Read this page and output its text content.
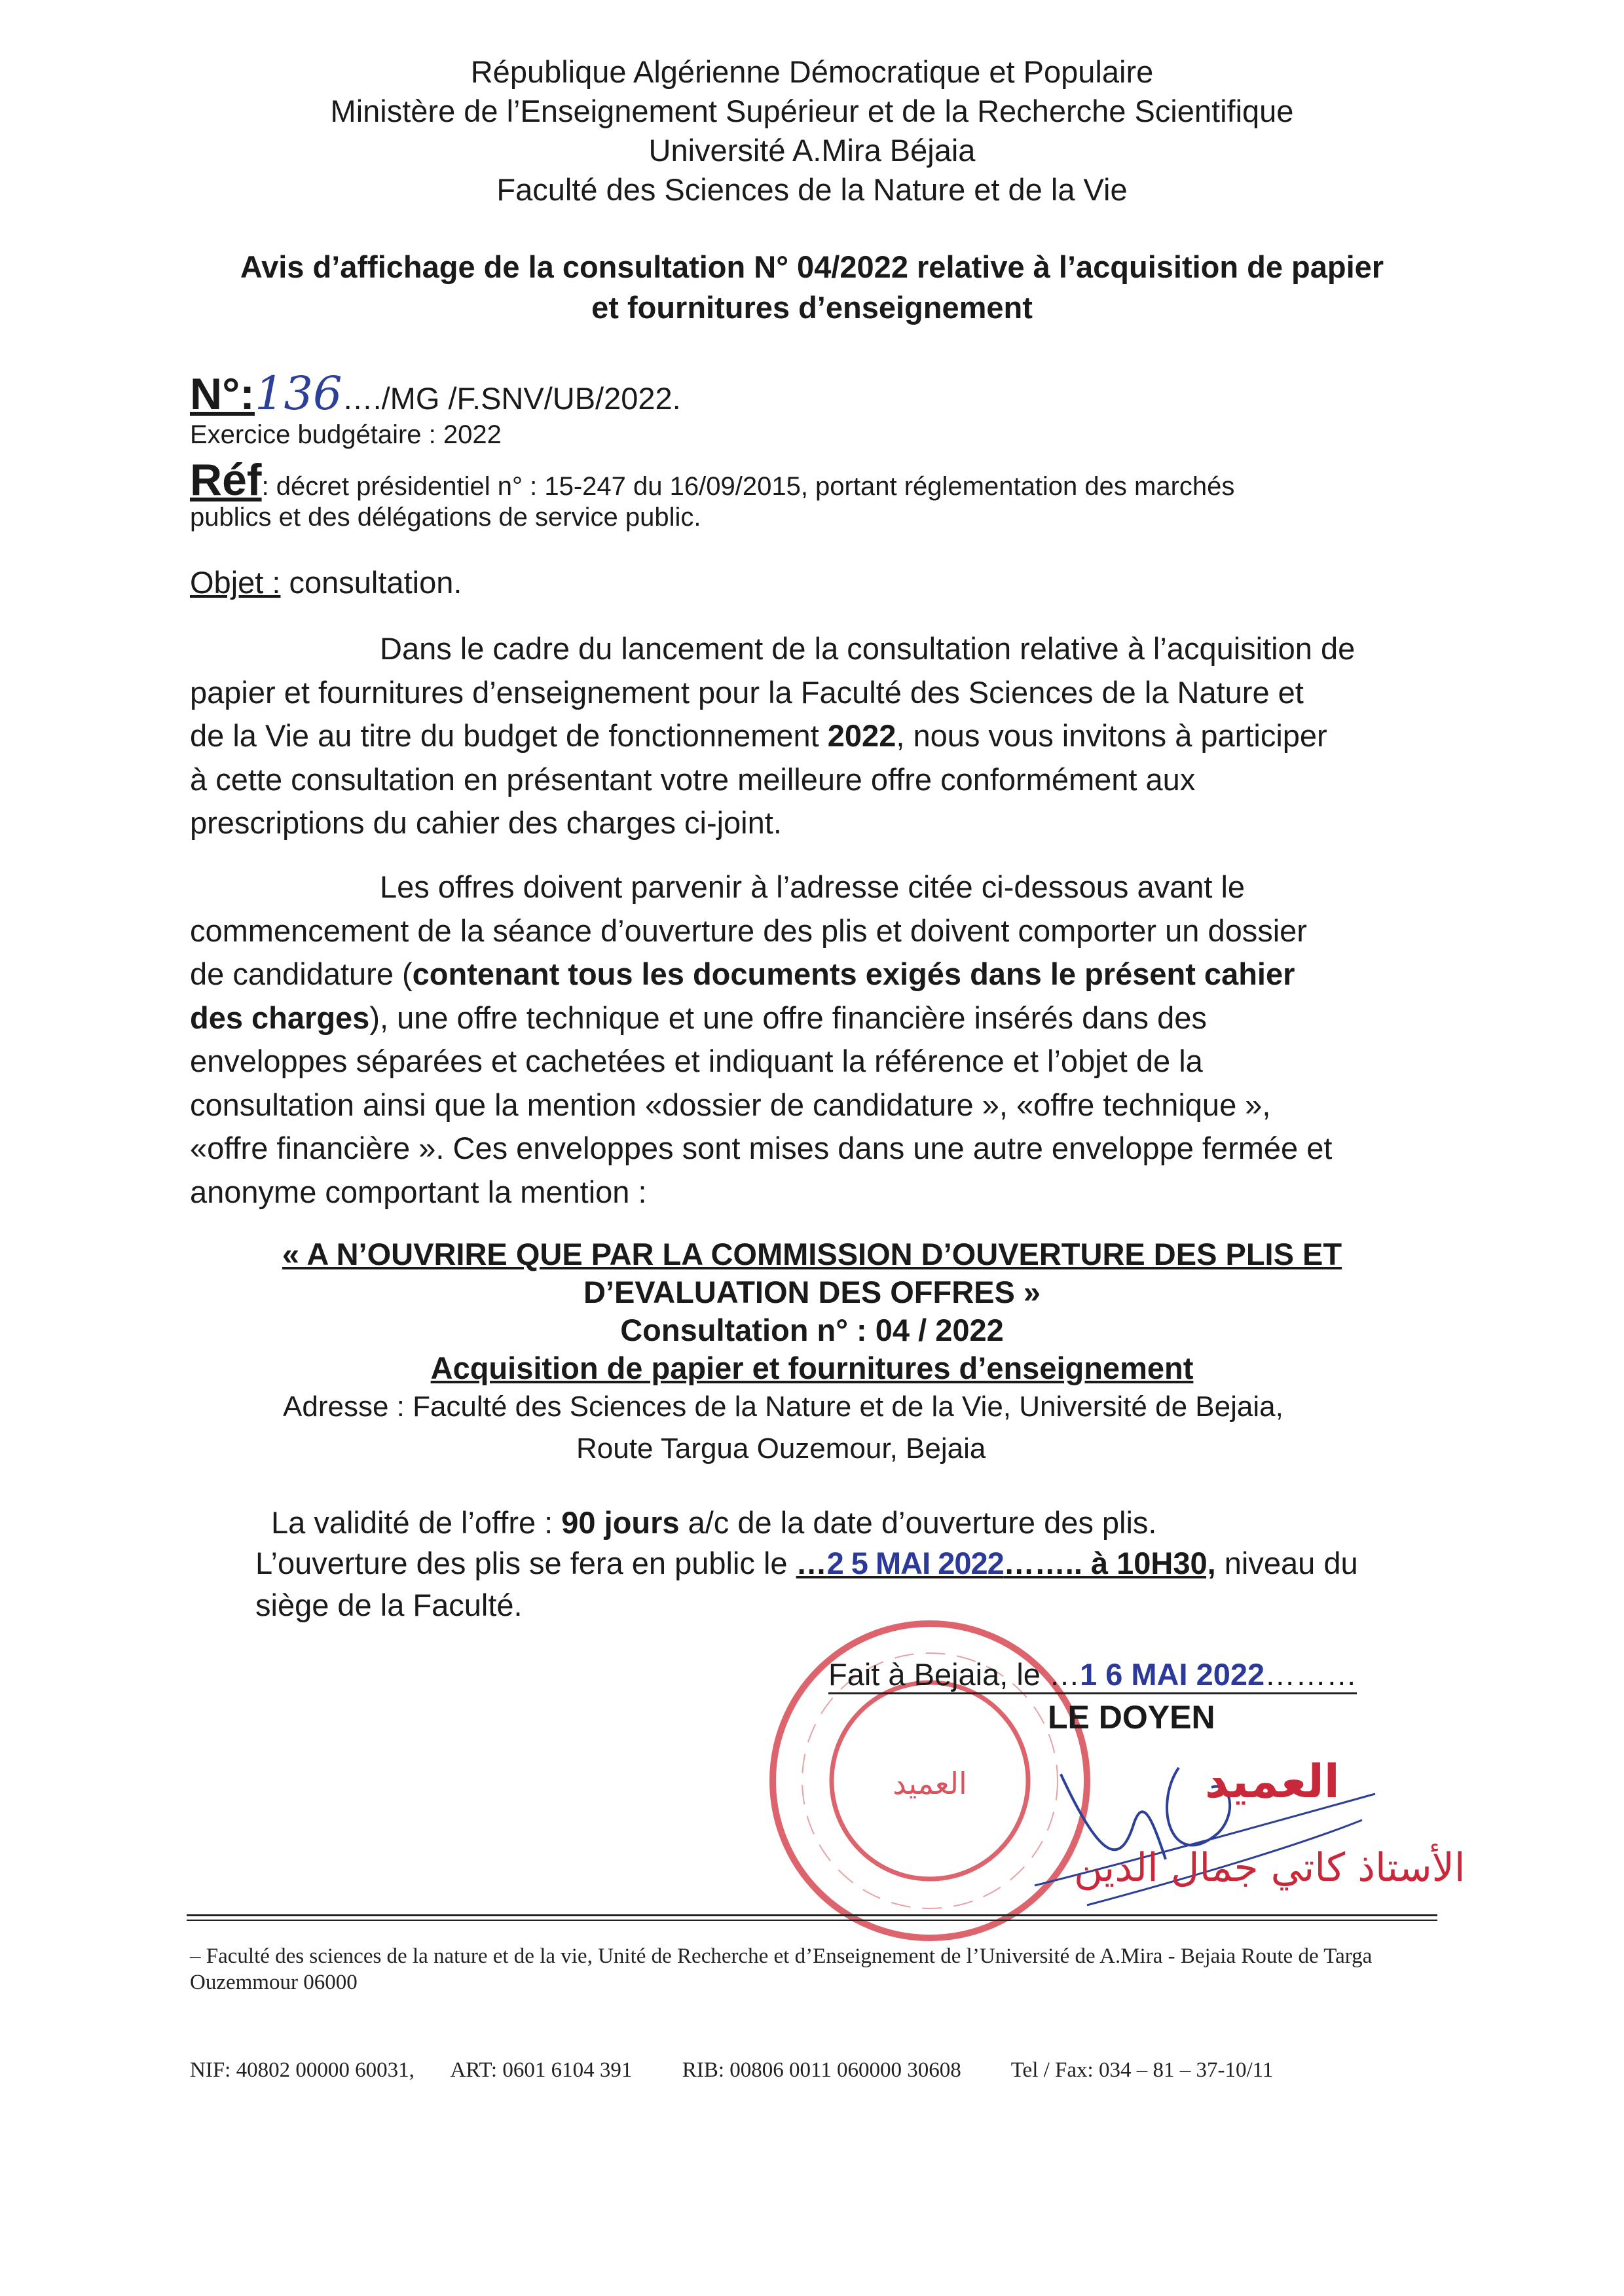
République Algérienne Démocratique et Populaire
Ministère de l’Enseignement Supérieur et de la Recherche Scientifique
Université A.Mira Béjaia
Faculté des Sciences de la Nature et de la Vie
Avis d’affichage de la consultation N° 04/2022 relative à l’acquisition de papier
et fournitures d’enseignement
N°:136…./MG /F.SNV/UB/2022.
Exercice budgétaire : 2022
Réf: décret présidentiel n° : 15-247 du 16/09/2015, portant réglementation des marchés
publics et des délégations de service public.
Objet : consultation.
Dans le cadre du lancement de la consultation relative à l’acquisition de
papier et fournitures d’enseignement pour la Faculté des Sciences de la Nature et
de la Vie au titre du budget de fonctionnement 2022, nous vous invitons à participer
à cette consultation en présentant votre meilleure offre conformément aux
prescriptions du cahier des charges ci-joint.
Les offres doivent parvenir à l’adresse citée ci-dessous avant le
commencement de la séance d’ouverture des plis et doivent comporter un dossier
de candidature (contenant tous les documents exigés dans le présent cahier
des charges), une offre technique et une offre financière insérés dans des
enveloppes séparées et cachetées et indiquant la référence et l’objet de la
consultation ainsi que la mention «dossier de candidature », «offre technique »,
«offre financière ». Ces enveloppes sont mises dans une autre enveloppe fermée et
anonyme comportant la mention :
« A N’OUVRIRE QUE PAR LA COMMISSION D’OUVERTURE DES PLIS ET
D’EVALUATION DES OFFRES »
Consultation n° : 04 / 2022
Acquisition de papier et fournitures d’enseignement
Adresse : Faculté des Sciences de la Nature et de la Vie, Université de Bejaia,
Route Targua Ouzemour, Bejaia
La validité de l’offre : 90 jours a/c de la date d’ouverture des plis.
L’ouverture des plis se fera en public le …2 5 MAI 2022…….. à 10H30, niveau du
siège de la Faculté.
العميد
Fait à Bejaia, le …1 6 MAI 2022………
LE DOYEN
العميد
الأستاذ كاتي جمال الدين
– Faculté des sciences de la nature et de la vie, Unité de Recherche et d’Enseignement de l’Université de A.Mira - Bejaia Route de Targa
Ouzemmour 06000
NIF: 40802 00000 60031, ART: 0601 6104 391 RIB: 00806 0011 060000 30608 Tel / Fax: 034 – 81 – 37-10/11
